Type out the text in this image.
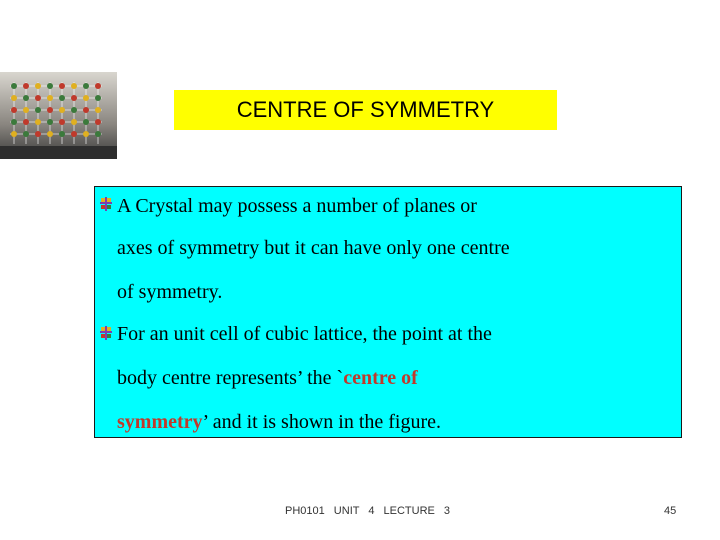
CENTRE OF SYMMETRY
A Crystal may possess a number of planes or
axes of symmetry but it can have only one centre
of symmetry.
For an unit cell of cubic lattice, the point at the
body centre represents’ the `centre of
symmetry’ and it is shown in the figure.
PH0101 UNIT 4 LECTURE 3	45
